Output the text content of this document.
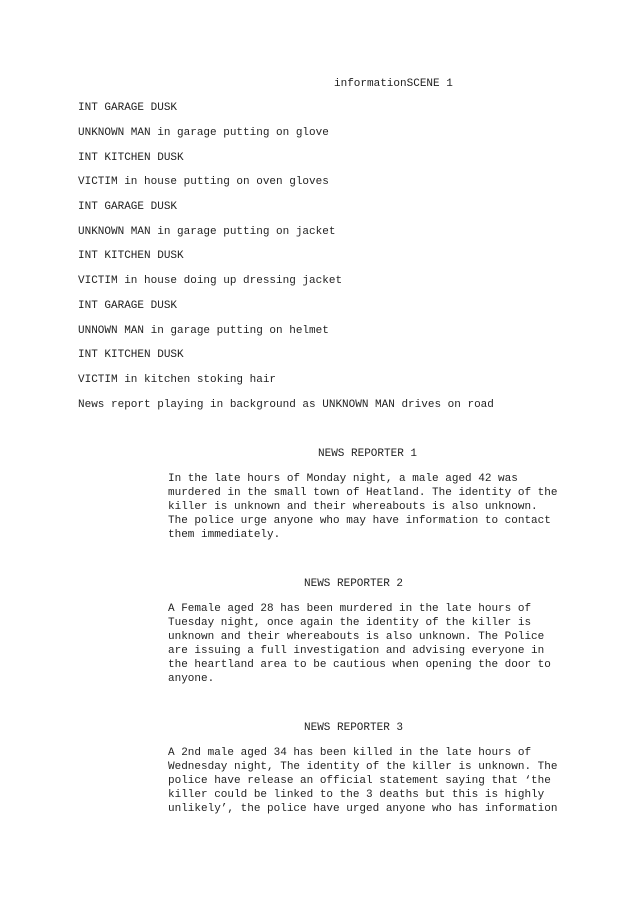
informationSCENE 1
INT GARAGE DUSK
UNKNOWN MAN in garage putting on glove
INT KITCHEN DUSK
VICTIM in house putting on oven gloves
INT GARAGE DUSK
UNKNOWN MAN in garage putting on jacket
INT KITCHEN DUSK
VICTIM in house doing up dressing jacket
INT GARAGE DUSK
UNNOWN MAN in garage putting on helmet
INT KITCHEN DUSK
VICTIM in kitchen stoking hair
News report playing in background as UNKNOWN MAN drives on road
NEWS REPORTER 1
In the late hours of Monday night, a male aged 42 was
murdered in the small town of Heatland. The identity of the
killer is unknown and their whereabouts is also unknown.
The police urge anyone who may have information to contact
them immediately.
NEWS REPORTER 2
A Female aged 28 has been murdered in the late hours of
Tuesday night, once again the identity of the killer is
unknown and their whereabouts is also unknown. The Police
are issuing a full investigation and advising everyone in
the heartland area to be cautious when opening the door to
anyone.
NEWS REPORTER 3
A 2nd male aged 34 has been killed in the late hours of
Wednesday night, The identity of the killer is unknown. The
police have release an official statement saying that ‘the
killer could be linked to the 3 deaths but this is highly
unlikely’, the police have urged anyone who has information
